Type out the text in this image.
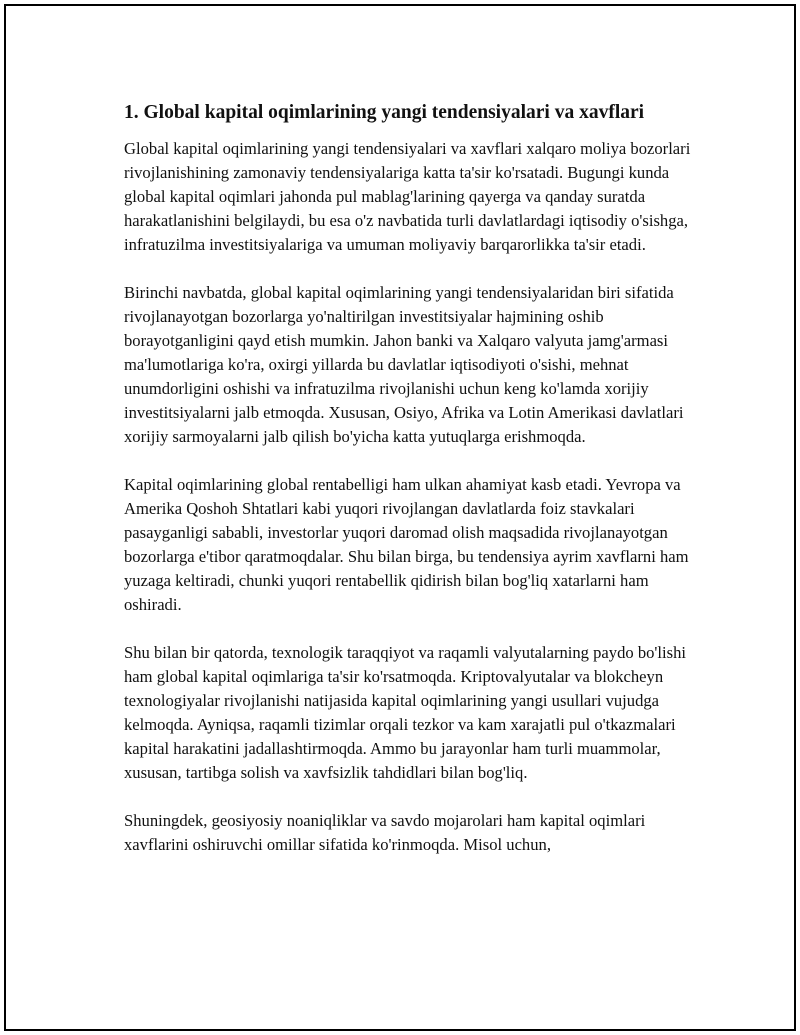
1. Global kapital oqimlarining yangi tendensiyalari va xavflari

Global kapital oqimlarining yangi tendensiyalari va xavflari xalqaro moliya bozorlari rivojlanishining zamonaviy tendensiyalariga katta ta'sir ko'rsatadi. Bugungi kunda global kapital oqimlari jahonda pul mablag'larining qayerga va qanday suratda harakatlanishini belgilaydi, bu esa o'z navbatida turli davlatlardagi iqtisodiy o'sishga, infratuzilma investitsiyalariga va umuman moliyaviy barqarorlikka ta'sir etadi.

Birinchi navbatda, global kapital oqimlarining yangi tendensiyalaridan biri sifatida rivojlanayotgan bozorlarga yo'naltirilgan investitsiyalar hajmining oshib borayotganligini qayd etish mumkin. Jahon banki va Xalqaro valyuta jamg'armasi ma'lumotlariga ko'ra, oxirgi yillarda bu davlatlar iqtisodiyoti o'sishi, mehnat unumdorligini oshishi va infratuzilma rivojlanishi uchun keng ko'lamda xorijiy investitsiyalarni jalb etmoqda. Xususan, Osiyo, Afrika va Lotin Amerikasi davlatlari xorijiy sarmoyalarni jalb qilish bo'yicha katta yutuqlarga erishmoqda.

Kapital oqimlarining global rentabelligi ham ulkan ahamiyat kasb etadi. Yevropa va Amerika Qoshoh Shtatlari kabi yuqori rivojlangan davlatlarda foiz stavkalari pasayganligi sababli, investorlar yuqori daromad olish maqsadida rivojlanayotgan bozorlarga e'tibor qaratmoqdalar. Shu bilan birga, bu tendensiya ayrim xavflarni ham yuzaga keltiradi, chunki yuqori rentabellik qidirish bilan bog'liq xatarlarni ham oshiradi.

Shu bilan bir qatorda, texnologik taraqqiyot va raqamli valyutalarning paydo bo'lishi ham global kapital oqimlariga ta'sir ko'rsatmoqda. Kriptovalyutalar va blokcheyn texnologiyalar rivojlanishi natijasida kapital oqimlarining yangi usullari vujudga kelmoqda. Ayniqsa, raqamli tizimlar orqali tezkor va kam xarajatli pul o'tkazmalari kapital harakatini jadallashtirmoqda. Ammo bu jarayonlar ham turli muammolar, xususan, tartibga solish va xavfsizlik tahdidlari bilan bog'liq.

Shuningdek, geosiyosiy noaniqliklar va savdo mojarolari ham kapital oqimlari xavflarini oshiruvchi omillar sifatida ko'rinmoqda. Misol uchun,
